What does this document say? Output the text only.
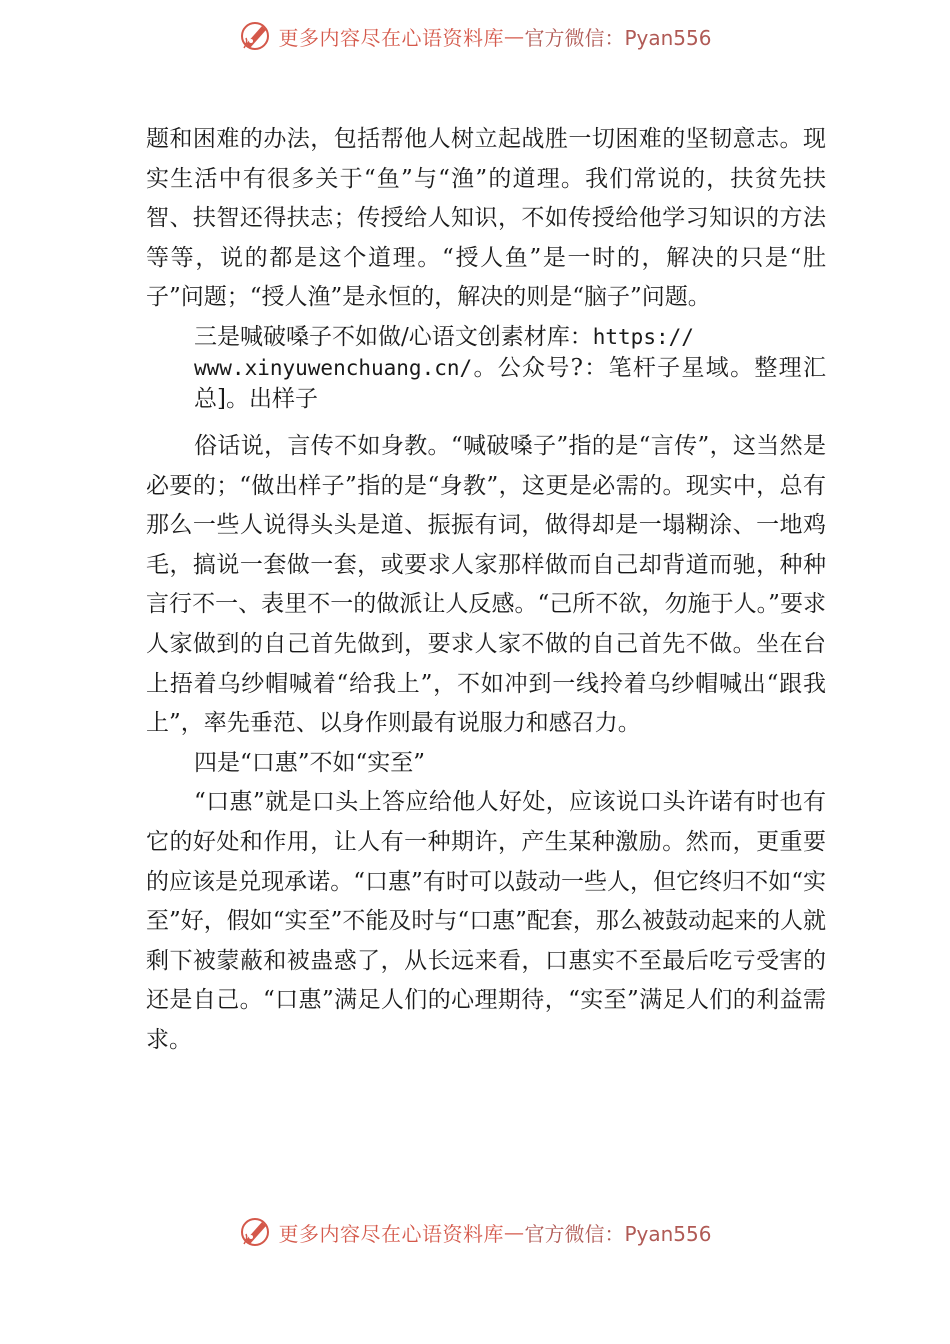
更多内容尽在心语资料库 — 官方微信：Pyan556

题和困难的办法，包括帮他人树立起战胜一切困难的坚韧意志。现实生活中有很多关于“鱼”与“渔”的道理。我们常说的，扶贫先扶智、扶智还得扶志；传授给人知识，不如传授给他学习知识的方法等等，说的都是这个道理。“授人鱼”是一时的，解决的只是“肚子”问题；“授人渔”是永恒的，解决的则是“脑子”问题。

三是喊破嗓子不如做/心语文创素材库：https://
www.xinyuwenchuang.cn/。公众号?：笔杆子星域。整理汇总]。出样子

俗话说，言传不如身教。“喊破嗓子”指的是“言传”，这当然是必要的；“做出样子”指的是“身教”，这更是必需的。现实中，总有那么一些人说得头头是道、振振有词，做得却是一塌糊涂、一地鸡毛，搞说一套做一套，或要求人家那样做而自己却背道而驰，种种言行不一、表里不一的做派让人反感。“己所不欲，勿施于人。”要求人家做到的自己首先做到，要求人家不做的自己首先不做。坐在台上捂着乌纱帽喊着“给我上”，不如冲到一线拎着乌纱帽喊出“跟我上”，率先垂范、以身作则最有说服力和感召力。

四是“口惠”不如“实至”

“口惠”就是口头上答应给他人好处，应该说口头许诺有时也有它的好处和作用，让人有一种期许，产生某种激励。然而，更重要的应该是兑现承诺。“口惠”有时可以鼓动一些人，但它终归不如“实至”好，假如“实至”不能及时与“口惠”配套，那么被鼓动起来的人就剩下被蒙蔽和被蛊惑了，从长远来看，口惠实不至最后吃亏受害的还是自己。“口惠”满足人们的心理期待，“实至”满足人们的利益需求。

更多内容尽在心语资料库 — 官方微信：Pyan556
